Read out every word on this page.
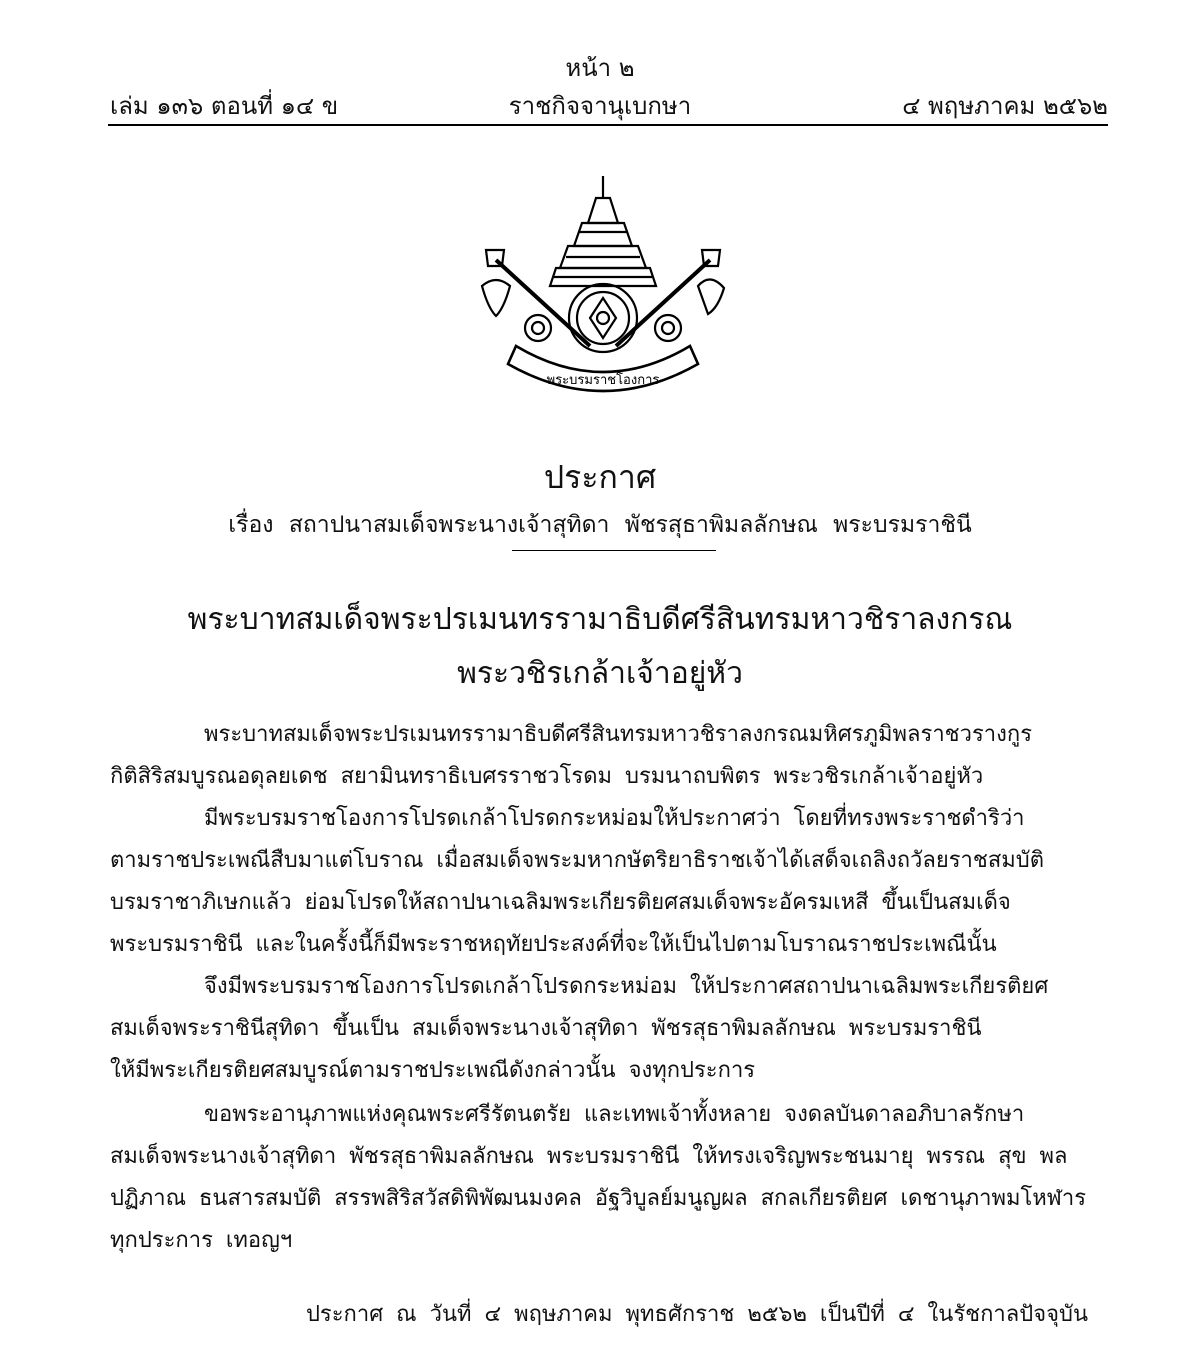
หน้า ๒
เล่ม ๑๓๖ ตอนที่ ๑๔ ข	ราชกิจจานุเบกษา	๔ พฤษภาคม ๒๕๖๒
พระบรมราชโองการ
ประกาศ
เรื่อง สถาปนาสมเด็จพระนางเจ้าสุทิดา พัชรสุธาพิมลลักษณ พระบรมราชินี
พระบาทสมเด็จพระปรเมนทรรามาธิบดีศรีสินทรมหาวชิราลงกรณ
พระวชิรเกล้าเจ้าอยู่หัว
พระบาทสมเด็จพระปรเมนทรรามาธิบดีศรีสินทรมหาวชิราลงกรณมหิศรภูมิพลราชวรางกูร
กิติสิริสมบูรณอดุลยเดช สยามินทราธิเบศรราชวโรดม บรมนาถบพิตร พระวชิรเกล้าเจ้าอยู่หัว
มีพระบรมราชโองการโปรดเกล้าโปรดกระหม่อมให้ประกาศว่า โดยที่ทรงพระราชดำริว่า
ตามราชประเพณีสืบมาแต่โบราณ เมื่อสมเด็จพระมหากษัตริยาธิราชเจ้าได้เสด็จเถลิงถวัลยราชสมบัติ
บรมราชาภิเษกแล้ว ย่อมโปรดให้สถาปนาเฉลิมพระเกียรติยศสมเด็จพระอัครมเหสี ขึ้นเป็นสมเด็จ
พระบรมราชินี และในครั้งนี้ก็มีพระราชหฤทัยประสงค์ที่จะให้เป็นไปตามโบราณราชประเพณีนั้น
จึงมีพระบรมราชโองการโปรดเกล้าโปรดกระหม่อม ให้ประกาศสถาปนาเฉลิมพระเกียรติยศ
สมเด็จพระราชินีสุทิดา ขึ้นเป็น สมเด็จพระนางเจ้าสุทิดา พัชรสุธาพิมลลักษณ พระบรมราชินี
ให้มีพระเกียรติยศสมบูรณ์ตามราชประเพณีดังกล่าวนั้น จงทุกประการ
ขอพระอานุภาพแห่งคุณพระศรีรัตนตรัย และเทพเจ้าทั้งหลาย จงดลบันดาลอภิบาลรักษา
สมเด็จพระนางเจ้าสุทิดา พัชรสุธาพิมลลักษณ พระบรมราชินี ให้ทรงเจริญพระชนมายุ พรรณ สุข พล
ปฏิภาณ ธนสารสมบัติ สรรพสิริสวัสดิพิพัฒนมงคล อัฐวิบูลย์มนูญผล สกลเกียรติยศ เดชานุภาพมโหฬาร
ทุกประการ เทอญฯ
ประกาศ ณ วันที่ ๔ พฤษภาคม พุทธศักราช ๒๕๖๒ เป็นปีที่ ๔ ในรัชกาลปัจจุบัน
